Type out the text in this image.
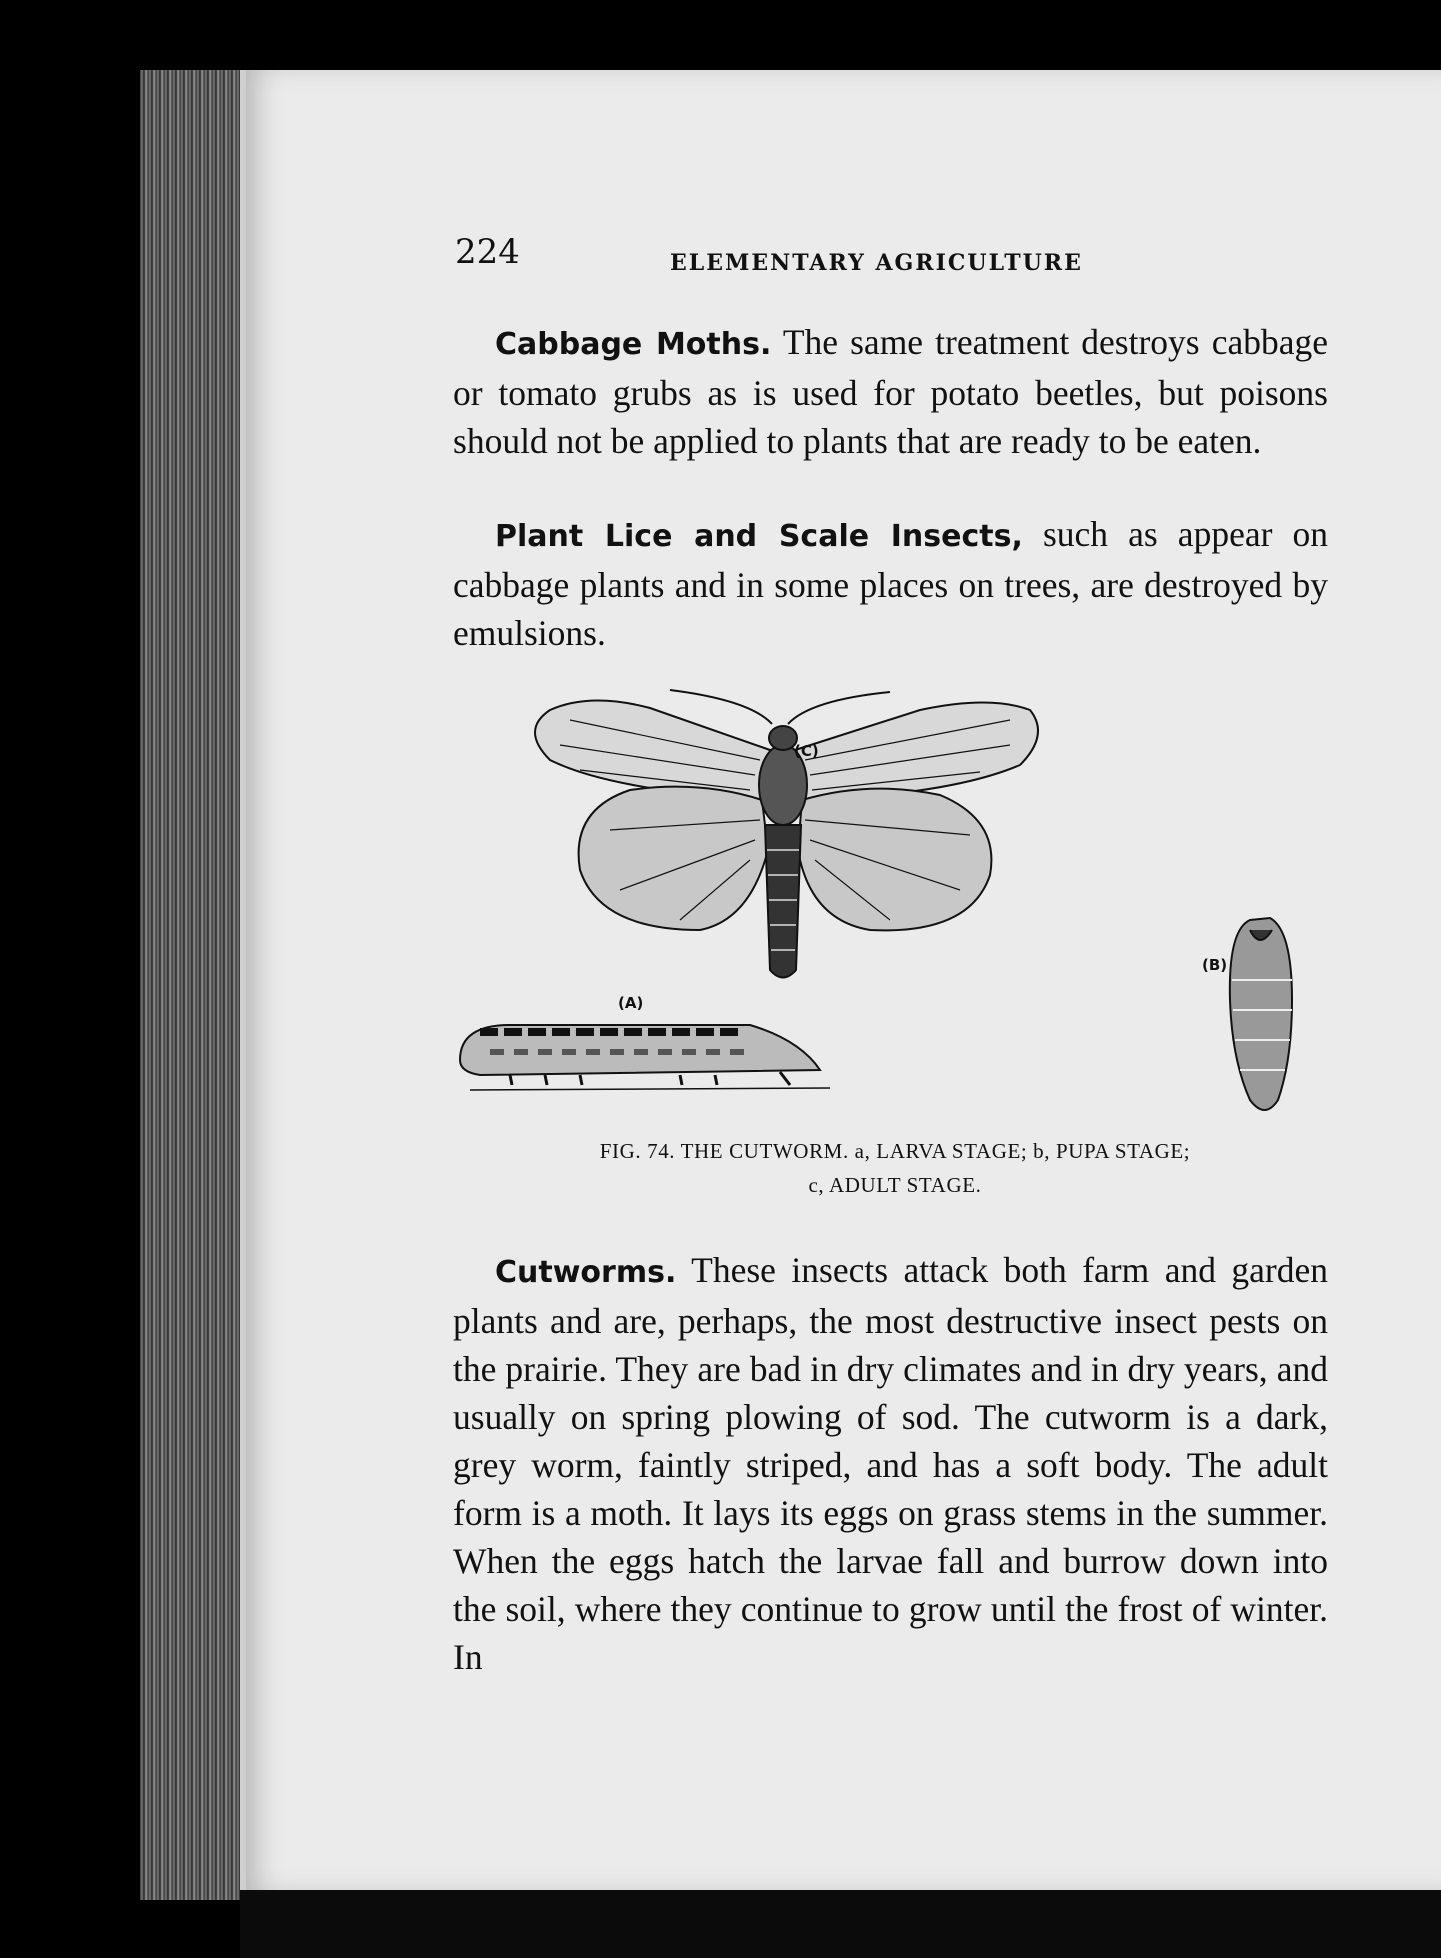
224	ELEMENTARY AGRICULTURE

Cabbage Moths. The same treatment destroys cabbage or tomato grubs as is used for potato beetles, but poisons should not be applied to plants that are ready to be eaten.

Plant Lice and Scale Insects, such as appear on cabbage plants and in some places on trees, are destroyed by emulsions.

(C)
(A)
(B)
FIG. 74. THE CUTWORM. a, LARVA STAGE; b, PUPA STAGE;
c, ADULT STAGE.

Cutworms. These insects attack both farm and garden plants and are, perhaps, the most destructive insect pests on the prairie. They are bad in dry climates and in dry years, and usually on spring plowing of sod. The cutworm is a dark, grey worm, faintly striped, and has a soft body. The adult form is a moth. It lays its eggs on grass stems in the summer. When the eggs hatch the larvae fall and burrow down into the soil, where they continue to grow until the frost of winter. In
